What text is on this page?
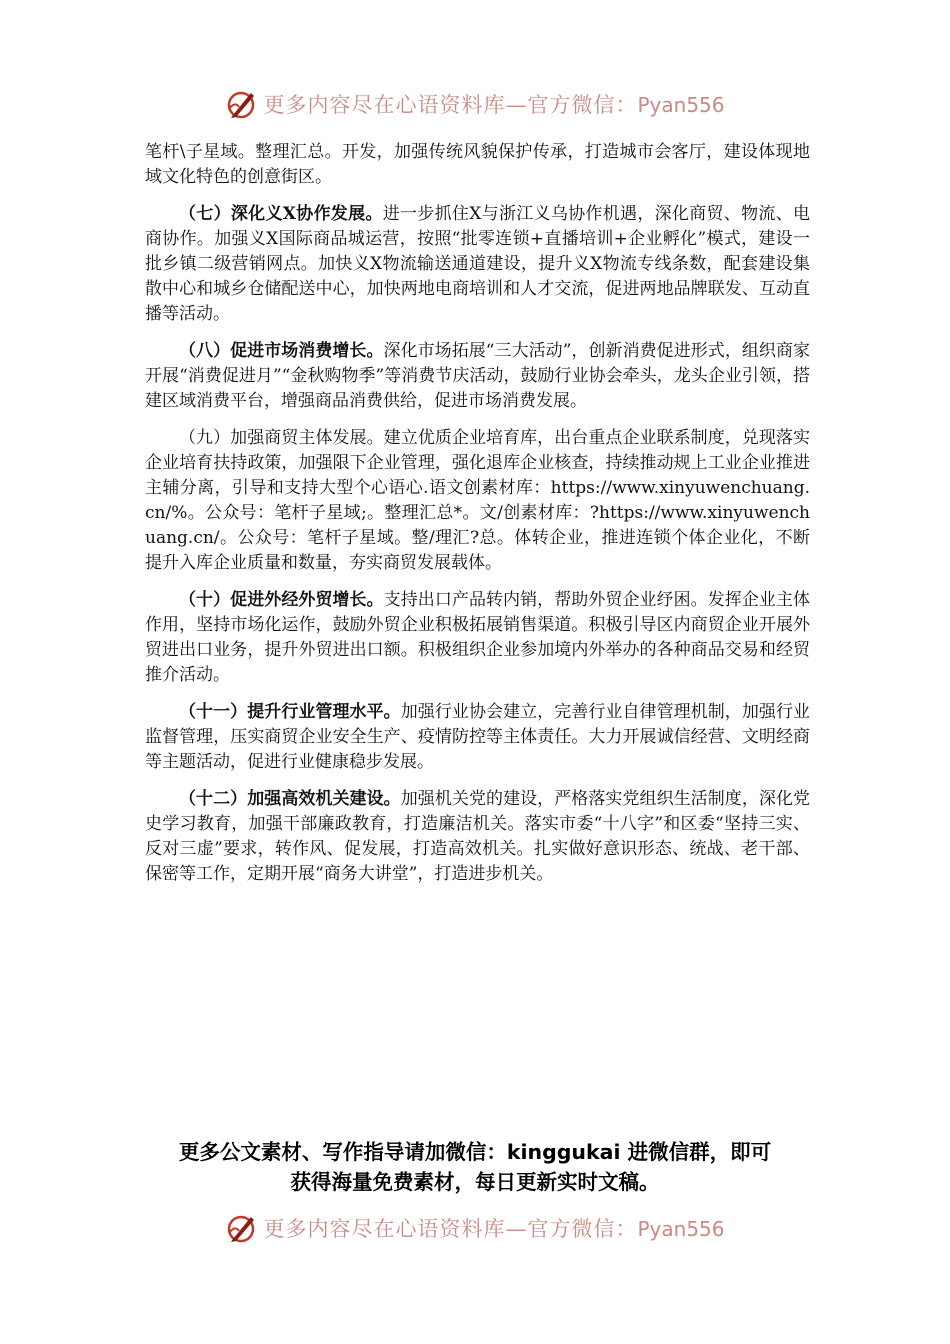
更多内容尽在心语资料库—官方微信：Pyan556

笔杆\子星域。整理汇总。开发，加强传统风貌保护传承，打造城市会客厅，建设体现地域文化特色的创意街区。

（七）深化义X协作发展。进一步抓住X与浙江义乌协作机遇，深化商贸、物流、电商协作。加强义X国际商品城运营，按照“批零连锁+直播培训+企业孵化”模式，建设一批乡镇二级营销网点。加快义X物流输送通道建设，提升义X物流专线条数，配套建设集散中心和城乡仓储配送中心，加快两地电商培训和人才交流，促进两地品牌联发、互动直播等活动。

（八）促进市场消费增长。深化市场拓展“三大活动”，创新消费促进形式，组织商家开展“消费促进月”“金秋购物季”等消费节庆活动，鼓励行业协会牵头，龙头企业引领，搭建区域消费平台，增强商品消费供给，促进市场消费发展。

（九）加强商贸主体发展。建立优质企业培育库，出台重点企业联系制度，兑现落实企业培育扶持政策，加强限下企业管理，强化退库企业核查，持续推动规上工业企业推进主辅分离，引导和支持大型个心语心.语文创素材库：https://www.xinyuwenchuang.cn/%。公众号：笔杆子星域;。整理汇总*。文/创素材库：?https://www.xinyuwenchuang.cn/。公众号：笔杆子星域。整/理汇?总。体转企业，推进连锁个体企业化，不断提升入库企业质量和数量，夯实商贸发展载体。

（十）促进外经外贸增长。支持出口产品转内销，帮助外贸企业纾困。发挥企业主体作用，坚持市场化运作，鼓励外贸企业积极拓展销售渠道。积极引导区内商贸企业开展外贸进出口业务，提升外贸进出口额。积极组织企业参加境内外举办的各种商品交易和经贸推介活动。

（十一）提升行业管理水平。加强行业协会建立，完善行业自律管理机制，加强行业监督管理，压实商贸企业安全生产、疫情防控等主体责任。大力开展诚信经营、文明经商等主题活动，促进行业健康稳步发展。

（十二）加强高效机关建设。加强机关党的建设，严格落实党组织生活制度，深化党史学习教育，加强干部廉政教育，打造廉洁机关。落实市委“十八字”和区委“坚持三实、反对三虚”要求，转作风、促发展，打造高效机关。扎实做好意识形态、统战、老干部、保密等工作，定期开展“商务大讲堂”，打造进步机关。

更多公文素材、写作指导请加微信：kinggukai 进微信群，即可
获得海量免费素材，每日更新实时文稿。
更多内容尽在心语资料库—官方微信：Pyan556
